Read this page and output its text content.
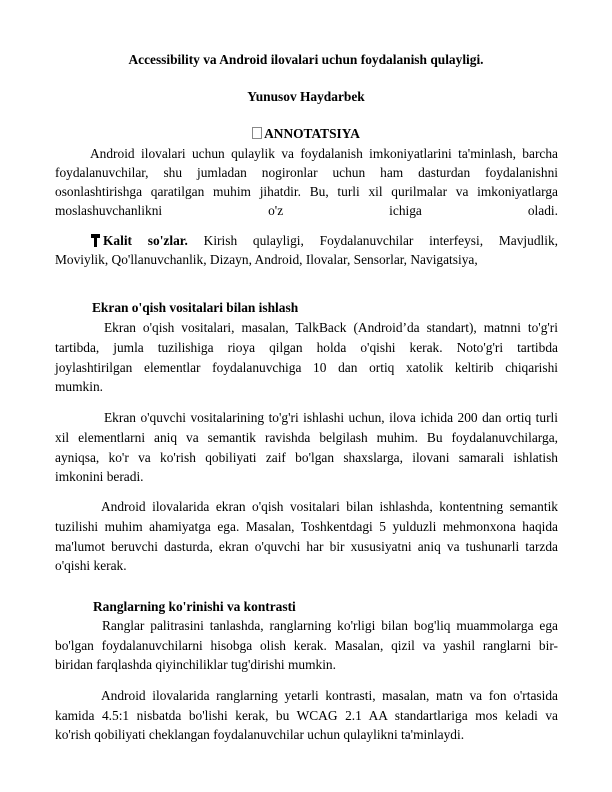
Accessibility va Android ilovalari uchun foydalanish qulayligi.
Yunusov Haydarbek
ANNOTATSIYA
Android ilovalari uchun qulaylik va foydalanish imkoniyatlarini ta'minlash, barcha
foydalanuvchilar, shu jumladan nogironlar uchun ham dasturdan foydalanishni
osonlashtirishga qaratilgan muhim jihatdir. Bu, turli xil qurilmalar va imkoniyatlarga
moslashuvchanlikni o'z ichiga oladi.
Kalit so'zlar. Kirish qulayligi, Foydalanuvchilar interfeysi, Mavjudlik,
Moviylik, Qo'llanuvchanlik, Dizayn, Android, Ilovalar, Sensorlar, Navigatsiya,
Ekran o'qish vositalari bilan ishlash
Ekran o'qish vositalari, masalan, TalkBack (Android’da standart), matnni to'g'ri
tartibda, jumla tuzilishiga rioya qilgan holda o'qishi kerak. Noto'g'ri tartibda
joylashtirilgan elementlar foydalanuvchiga 10 dan ortiq xatolik keltirib chiqarishi
mumkin.
Ekran o'quvchi vositalarining to'g'ri ishlashi uchun, ilova ichida 200 dan ortiq turli
xil elementlarni aniq va semantik ravishda belgilash muhim. Bu foydalanuvchilarga,
ayniqsa, ko'r va ko'rish qobiliyati zaif bo'lgan shaxslarga, ilovani samarali ishlatish
imkonini beradi.
Android ilovalarida ekran o'qish vositalari bilan ishlashda, kontentning semantik
tuzilishi muhim ahamiyatga ega. Masalan, Toshkentdagi 5 yulduzli mehmonxona haqida
ma'lumot beruvchi dasturda, ekran o'quvchi har bir xususiyatni aniq va tushunarli tarzda
o'qishi kerak.
Ranglarning ko'rinishi va kontrasti
Ranglar palitrasini tanlashda, ranglarning ko'rligi bilan bog'liq muammolarga ega
bo'lgan foydalanuvchilarni hisobga olish kerak. Masalan, qizil va yashil ranglarni bir-
biridan farqlashda qiyinchiliklar tug'dirishi mumkin.
Android ilovalarida ranglarning yetarli kontrasti, masalan, matn va fon o'rtasida
kamida 4.5:1 nisbatda bo'lishi kerak, bu WCAG 2.1 AA standartlariga mos keladi va
ko'rish qobiliyati cheklangan foydalanuvchilar uchun qulaylikni ta'minlaydi.
